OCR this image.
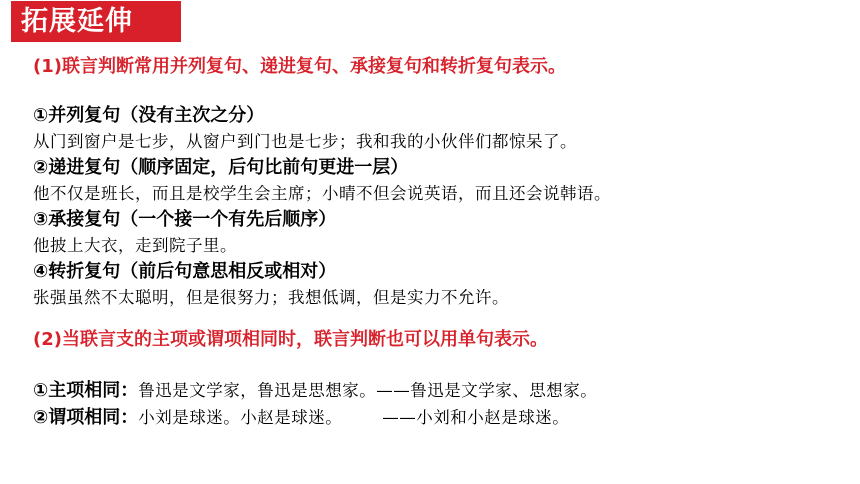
拓展延伸
(1)联言判断常用并列复句、递进复句、承接复句和转折复句表示。
①并列复句（没有主次之分）
从门到窗户是七步，从窗户到门也是七步；我和我的小伙伴们都惊呆了。
②递进复句（顺序固定，后句比前句更进一层）
他不仅是班长，而且是校学生会主席；小晴不但会说英语，而且还会说韩语。
③承接复句（一个接一个有先后顺序）
他披上大衣，走到院子里。
④转折复句（前后句意思相反或相对）
张强虽然不太聪明，但是很努力；我想低调，但是实力不允许。
(2)当联言支的主项或谓项相同时，联言判断也可以用单句表示。
①主项相同：鲁迅是文学家，鲁迅是思想家。——鲁迅是文学家、思想家。
②谓项相同：小刘是球迷。小赵是球迷。 ——小刘和小赵是球迷。
